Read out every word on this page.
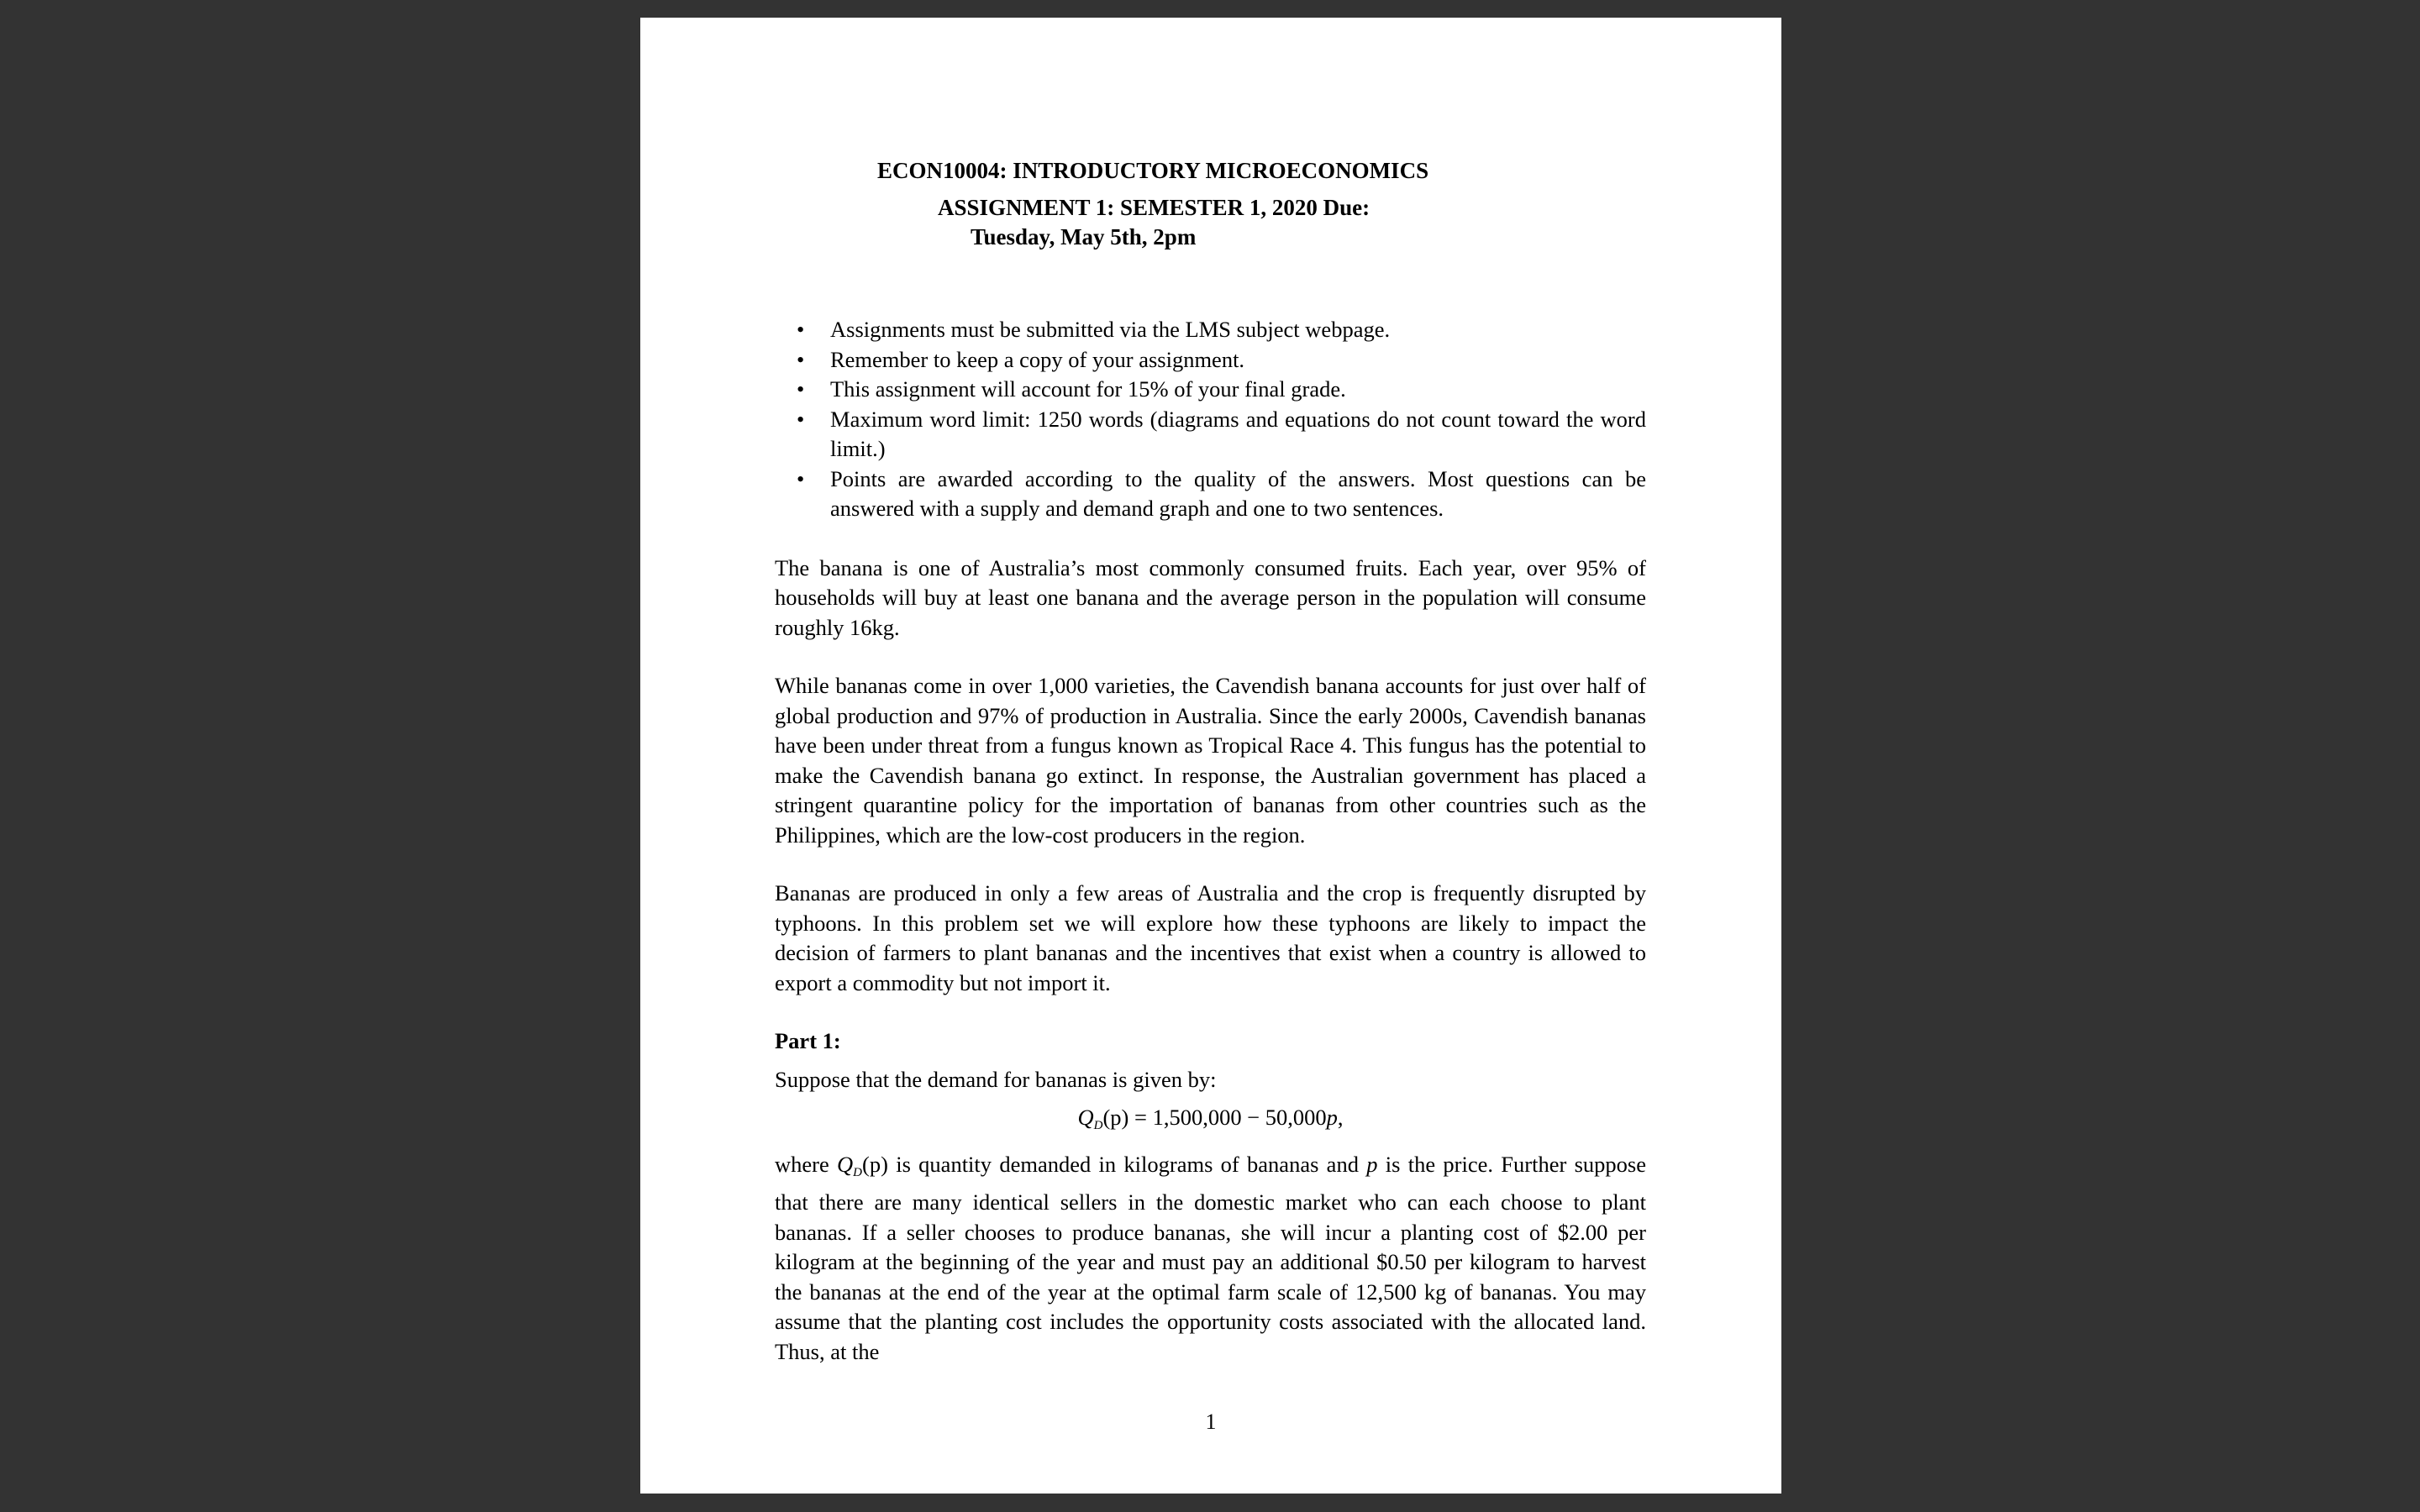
ECON10004: INTRODUCTORY MICROECONOMICS
ASSIGNMENT 1: SEMESTER 1, 2020 Due:
Tuesday, May 5th, 2pm
• Assignments must be submitted via the LMS subject webpage.
• Remember to keep a copy of your assignment.
• This assignment will account for 15% of your final grade.
• Maximum word limit: 1250 words (diagrams and equations do not count toward the word limit.)
• Points are awarded according to the quality of the answers. Most questions can be answered with a supply and demand graph and one to two sentences.

The banana is one of Australia’s most commonly consumed fruits. Each year, over 95% of households will buy at least one banana and the average person in the population will consume roughly 16kg.

While bananas come in over 1,000 varieties, the Cavendish banana accounts for just over half of global production and 97% of production in Australia. Since the early 2000s, Cavendish bananas have been under threat from a fungus known as Tropical Race 4. This fungus has the potential to make the Cavendish banana go extinct. In response, the Australian government has placed a stringent quarantine policy for the importation of bananas from other countries such as the Philippines, which are the low-cost producers in the region.

Bananas are produced in only a few areas of Australia and the crop is frequently disrupted by typhoons. In this problem set we will explore how these typhoons are likely to impact the decision of farmers to plant bananas and the incentives that exist when a country is allowed to export a commodity but not import it.

Part 1:

Suppose that the demand for bananas is given by:

$Q_D(p) = 1,500,000 - 50,000p$,

where $Q_D(p)$ is quantity demanded in kilograms of bananas and p is the price. Further suppose that there are many identical sellers in the domestic market who can each choose to plant bananas. If a seller chooses to produce bananas, she will incur a planting cost of $2.00 per kilogram at the beginning of the year and must pay an additional $0.50 per kilogram to harvest the bananas at the end of the year at the optimal farm scale of 12,500 kg of bananas. You may assume that the planting cost includes the opportunity costs associated with the allocated land. Thus, at the

1
